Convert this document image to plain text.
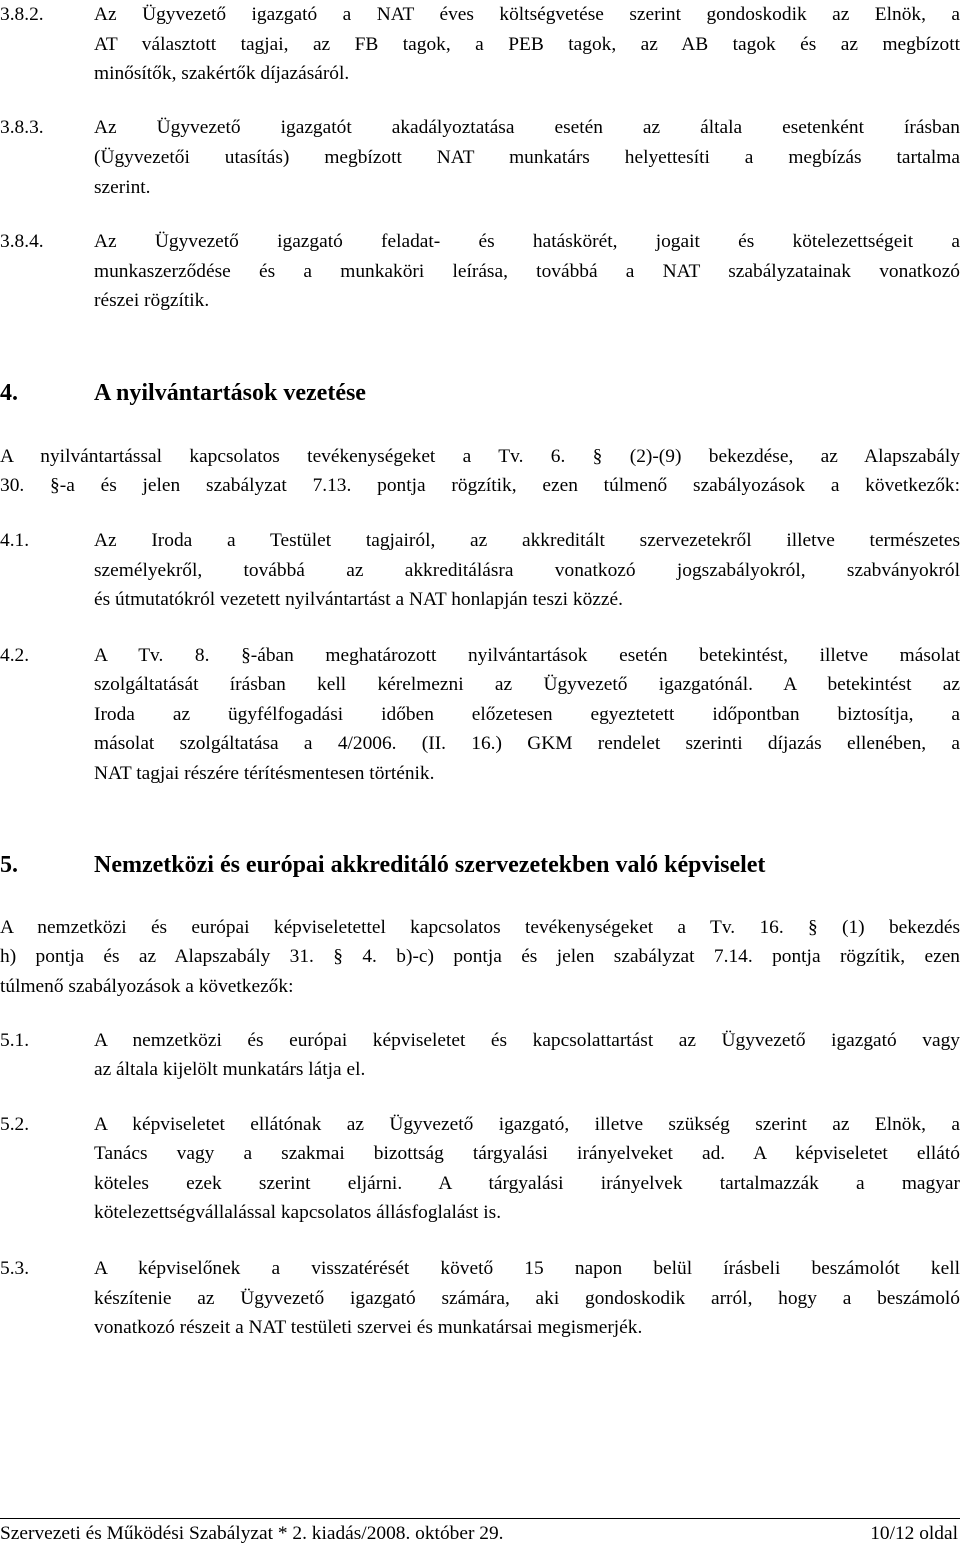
3.8.2.	Az Ügyvezető igazgató a NAT éves költségvetése szerint gondoskodik az Elnök, a
AT választott tagjai, az FB tagok, a PEB tagok, az AB tagok és az megbízott
minősítők, szakértők díjazásáról.
3.8.3.	Az Ügyvezető igazgatót akadályoztatása esetén az általa esetenként írásban
(Ügyvezetői utasítás) megbízott NAT munkatárs helyettesíti a megbízás tartalma
szerint.
3.8.4.	Az Ügyvezető igazgató feladat- és hatáskörét, jogait és kötelezettségeit a
munkaszerződése és a munkaköri leírása, továbbá a NAT szabályzatainak vonatkozó
részei rögzítik.
4.	A nyilvántartások vezetése
A nyilvántartással kapcsolatos tevékenységeket a Tv. 6. § (2)-(9) bekezdése, az Alapszabály
30. §-a és jelen szabályzat 7.13. pontja rögzítik, ezen túlmenő szabályozások a következők:
4.1.	Az Iroda a Testület tagjairól, az akkreditált szervezetekről illetve természetes
személyekről, továbbá az akkreditálásra vonatkozó jogszabályokról, szabványokról
és útmutatókról vezetett nyilvántartást a NAT honlapján teszi közzé.
4.2.	A Tv. 8. §-ában meghatározott nyilvántartások esetén betekintést, illetve másolat
szolgáltatását írásban kell kérelmezni az Ügyvezető igazgatónál. A betekintést az
Iroda az ügyfélfogadási időben előzetesen egyeztetett időpontban biztosítja, a
másolat szolgáltatása a 4/2006. (II. 16.) GKM rendelet szerinti díjazás ellenében, a
NAT tagjai részére térítésmentesen történik.
5.	Nemzetközi és európai akkreditáló szervezetekben való képviselet
A nemzetközi és európai képviseletettel kapcsolatos tevékenységeket a Tv. 16. § (1) bekezdés
h) pontja és az Alapszabály 31. § 4. b)-c) pontja és jelen szabályzat 7.14. pontja rögzítik, ezen
túlmenő szabályozások a következők:
5.1.	A nemzetközi és európai képviseletet és kapcsolattartást az Ügyvezető igazgató vagy
az általa kijelölt munkatárs látja el.
5.2.	A képviseletet ellátónak az Ügyvezető igazgató, illetve szükség szerint az Elnök, a
Tanács vagy a szakmai bizottság tárgyalási irányelveket ad. A képviseletet ellátó
köteles ezek szerint eljárni. A tárgyalási irányelvek tartalmazzák a magyar
kötelezettségvállalással kapcsolatos állásfoglalást is.
5.3.	A képviselőnek a visszatérését követő 15 napon belül írásbeli beszámolót kell
készítenie az Ügyvezető igazgató számára, aki gondoskodik arról, hogy a beszámoló
vonatkozó részeit a NAT testületi szervei és munkatársai megismerjék.
Szervezeti és Működési Szabályzat * 2. kiadás/2008. október 29.	10/12 oldal
